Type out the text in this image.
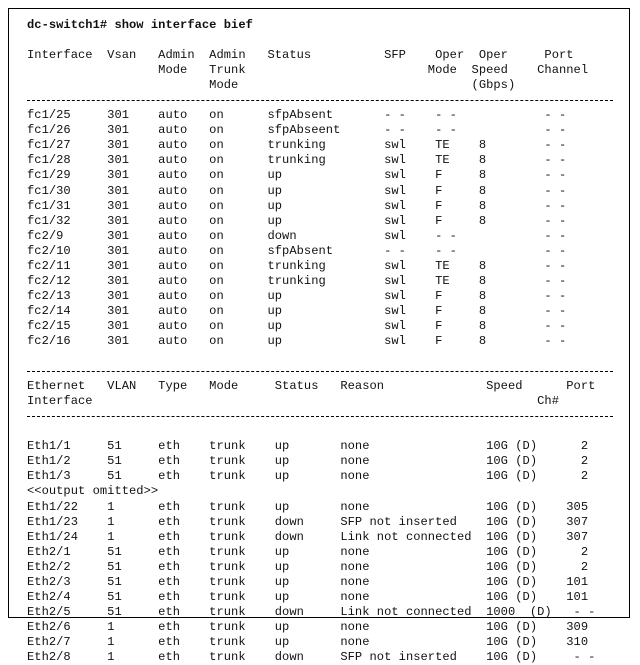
dc-switch1# show interface bief

Interface  Vsan   Admin  Admin   Status          SFP    Oper  Oper     Port
Mode   Trunk                         Mode  Speed    Channel
Mode                                (Gbps)
fc1/25     301    auto   on      sfpAbsent       - -    - -            - -
fc1/26     301    auto   on      sfpAbseent      - -    - -            - -
fc1/27     301    auto   on      trunking        swl    TE    8        - -
fc1/28     301    auto   on      trunking        swl    TE    8        - -
fc1/29     301    auto   on      up              swl    F     8        - -
fc1/30     301    auto   on      up              swl    F     8        - -
fc1/31     301    auto   on      up              swl    F     8        - -
fc1/32     301    auto   on      up              swl    F     8        - -
fc2/9      301    auto   on      down            swl    - -            - -
fc2/10     301    auto   on      sfpAbsent       - -    - -            - -
fc2/11     301    auto   on      trunking        swl    TE    8        - -
fc2/12     301    auto   on      trunking        swl    TE    8        - -
fc2/13     301    auto   on      up              swl    F     8        - -
fc2/14     301    auto   on      up              swl    F     8        - -
fc2/15     301    auto   on      up              swl    F     8        - -
fc2/16     301    auto   on      up              swl    F     8        - -

Ethernet   VLAN   Type   Mode     Status   Reason              Speed      Port
Interface                                                             Ch#

Eth1/1     51     eth    trunk    up       none                10G (D)      2
Eth1/2     51     eth    trunk    up       none                10G (D)      2
Eth1/3     51     eth    trunk    up       none                10G (D)      2
<<output omitted>>
Eth1/22    1      eth    trunk    up       none                10G (D)    305
Eth1/23    1      eth    trunk    down     SFP not inserted    10G (D)    307
Eth1/24    1      eth    trunk    down     Link not connected  10G (D)    307
Eth2/1     51     eth    trunk    up       none                10G (D)      2
Eth2/2     51     eth    trunk    up       none                10G (D)      2
Eth2/3     51     eth    trunk    up       none                10G (D)    101
Eth2/4     51     eth    trunk    up       none                10G (D)    101
Eth2/5     51     eth    trunk    down     Link not connected  1000  (D)   - -
Eth2/6     1      eth    trunk    up       none                10G (D)    309
Eth2/7     1      eth    trunk    up       none                10G (D)    310
Eth2/8     1      eth    trunk    down     SFP not inserted    10G (D)     - -
